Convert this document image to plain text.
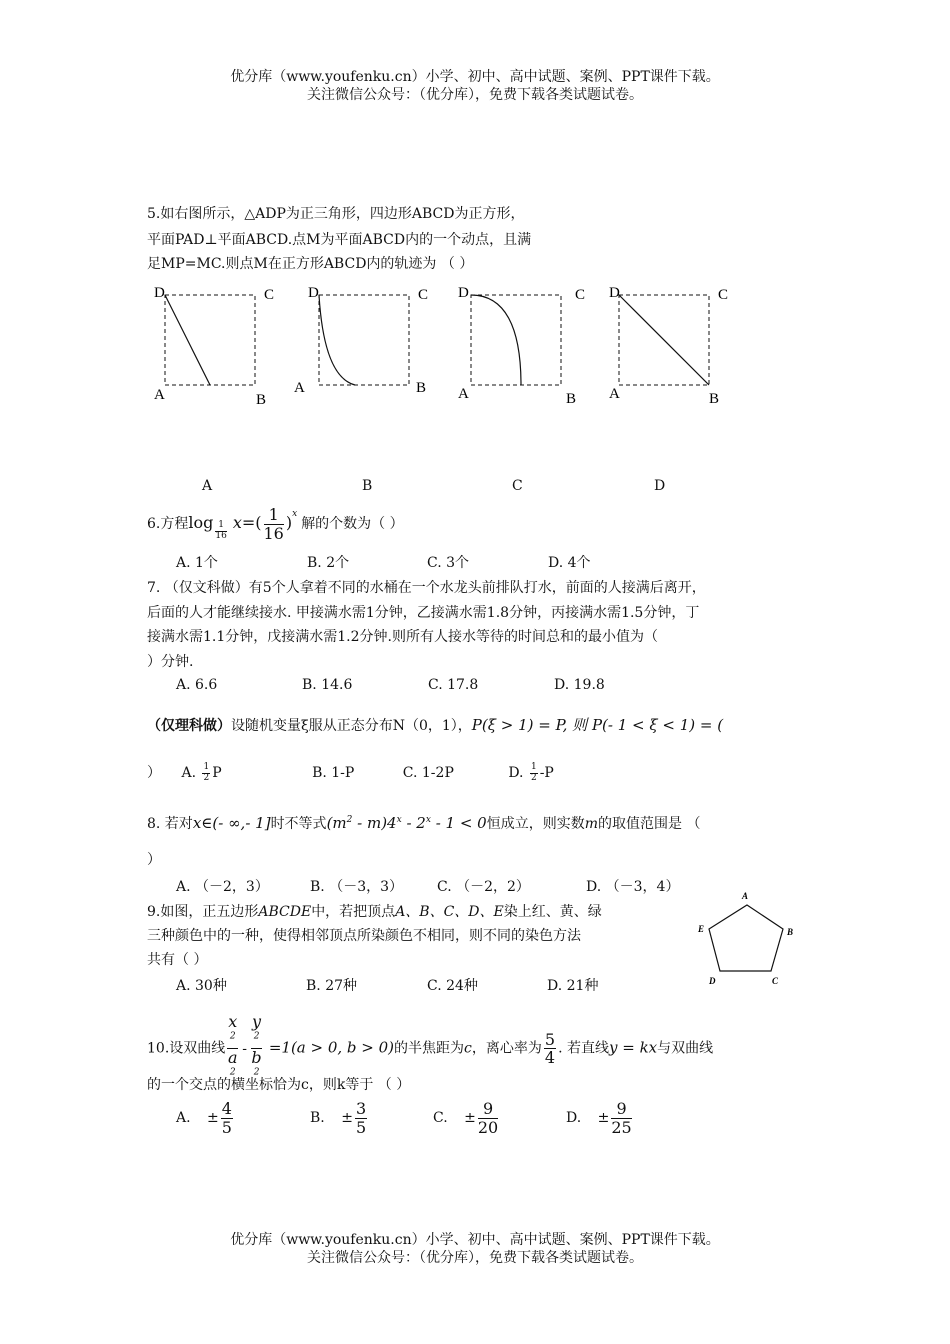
优分库（www.youfenku.cn）小学、初中、高中试题、案例、PPT课件下载。
关注微信公众号：（优分库），免费下载各类试题试卷。
5.如右图所示，△ADP为正三角形，四边形ABCD为正方形，
平面PAD⊥平面ABCD.点M为平面ABCD内的一个动点，且满
足MP=MC.则点M在正方形ABCD内的轨迹为 （ ）
D	C
A	B
D	C
A	B
D	C
A	B
D	C
A	B
A	B	C	D
6.方程$\log \frac{1}{16} x=( \frac{1}{16} )^x$解的个数为（ ）
A. 1个	B. 2个	C. 3个	D. 4个
7. （仅文科做）有5个人拿着不同的水桶在一个水龙头前排队打水，前面的人接满后离开，
后面的人才能继续接水. 甲接满水需1分钟，乙接满水需1.8分钟，丙接满水需1.5分钟，丁
接满水需1.1分钟，戊接满水需1.2分钟.则所有人接水等待的时间总和的最小值为（
）分钟.
A. 6.6	B. 14.6	C. 17.8	D. 19.8
（仅理科做）设随机变量ξ服从正态分布N（0，1），P(ξ > 1) = P, 则 P(- 1 < ξ < 1) = (
） A. $\frac{1}{2}$ P	B. 1-P	C. 1-2P	D. $\frac{1}{2} -P$
8. 若对x∈(- ∞,- 1]时不等式$(m^2 - m)4^x - 2^x - 1 < 0$恒成立，则实数m的取值范围是 （
）
A. （－2，3）	B. （－3，3） C. （－2，2）	D. （－3，4）
9.如图，正五边形ABCDE中，若把顶点A、B、C、D、E染上红、黄、绿
三种颜色中的一种，使得相邻顶点所染颜色不相同，则不同的染色方法
共有（ ）
A. 30种	B. 27种	C. 24种	D. 21种
A
B
C
D
E
10.设双曲线 x
$^2$
a
$^2$ - y
$^2$
b
$^2$ =1(a > 0, b > 0)的半焦距为c，离心率为 $\frac{5}{4}$ . 若直线y = kx与双曲线
的一个交点的横坐标恰为c，则k等于 （ ）
A. ± $\frac{4}{5}$	B. ± $\frac{3}{5}$	C. ± $\frac{9}{20}$	D. ± $\frac{9}{25}$
优分库（www.youfenku.cn）小学、初中、高中试题、案例、PPT课件下载。
关注微信公众号：（优分库），免费下载各类试题试卷。
